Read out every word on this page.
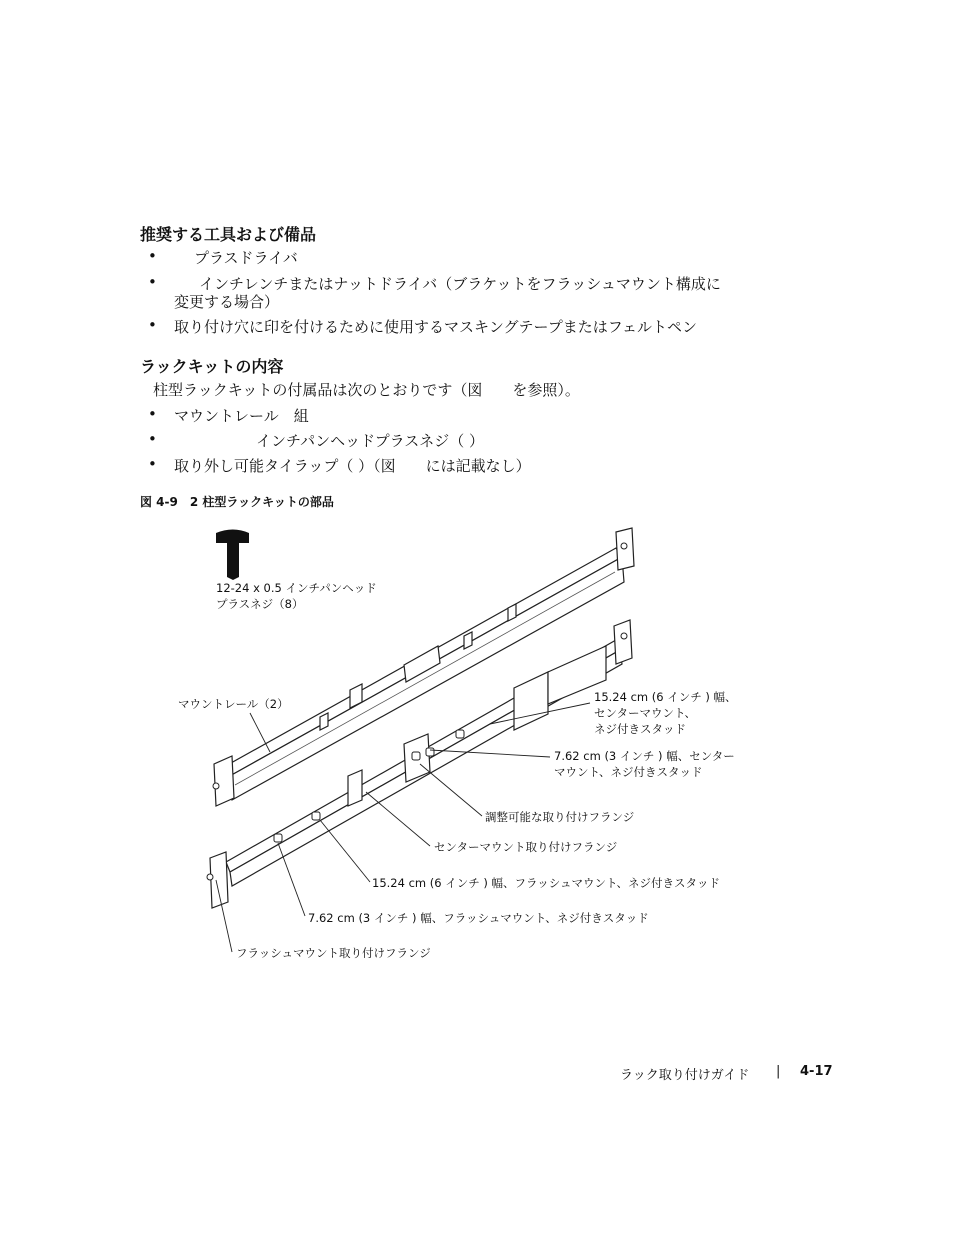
推奨する工具および備品
• プラスドライバ
•	インチレンチまたはナットドライバ（ブラケットをフラッシュマウント構成に
変更する場合）
• 取り付け穴に印を付けるために使用するマスキングテープまたはフェルトペン
ラックキットの内容
柱型ラックキットの付属品は次のとおりです（図　　を参照）。
• マウントレール　組
•	インチパンヘッドプラスネジ（ ）
• 取り外し可能タイラップ（ ）（図　　には記載なし）
図 4-9　2 柱型ラックキットの部品
12-24 x 0.5 インチパンヘッド
プラスネジ（8）
マウントレール（2）	15.24 cm (6 インチ ) 幅、
センターマウント、
ネジ付きスタッド
7.62 cm (3 インチ ) 幅、センター
マウント、ネジ付きスタッド
調整可能な取り付けフランジ
センターマウント取り付けフランジ
15.24 cm (6 インチ ) 幅、フラッシュマウント、ネジ付きスタッド
7.62 cm (3 インチ ) 幅、フラッシュマウント、ネジ付きスタッド
フラッシュマウント取り付けフランジ
ラック取り付けガイド | 4-17
